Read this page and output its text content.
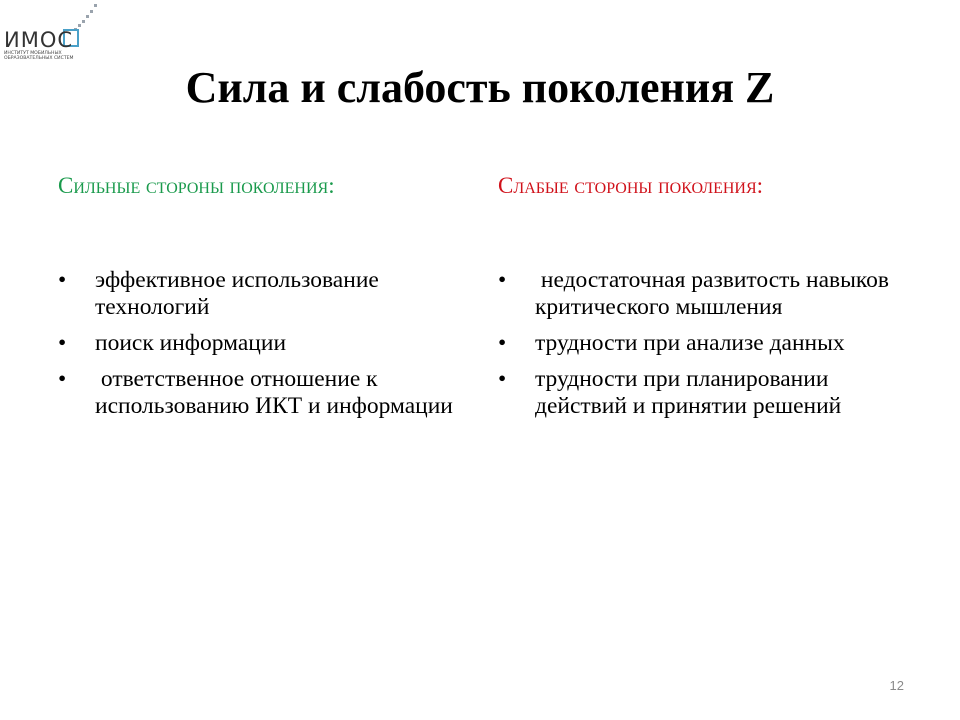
ИМОС
ИНСТИТУТ МОБИЛЬНЫХ
ОБРАЗОВАТЕЛЬНЫХ СИСТЕМ
Сила и слабость поколения Z
Сильные стороны поколения:
• эффективное использование технологий
• поиск информации
• ответственное отношение к использованию ИКТ и информации
Слабые стороны поколения:
• недостаточная развитость навыков критического мышления
• трудности при анализе данных
• трудности при планировании действий и принятии решений
12
